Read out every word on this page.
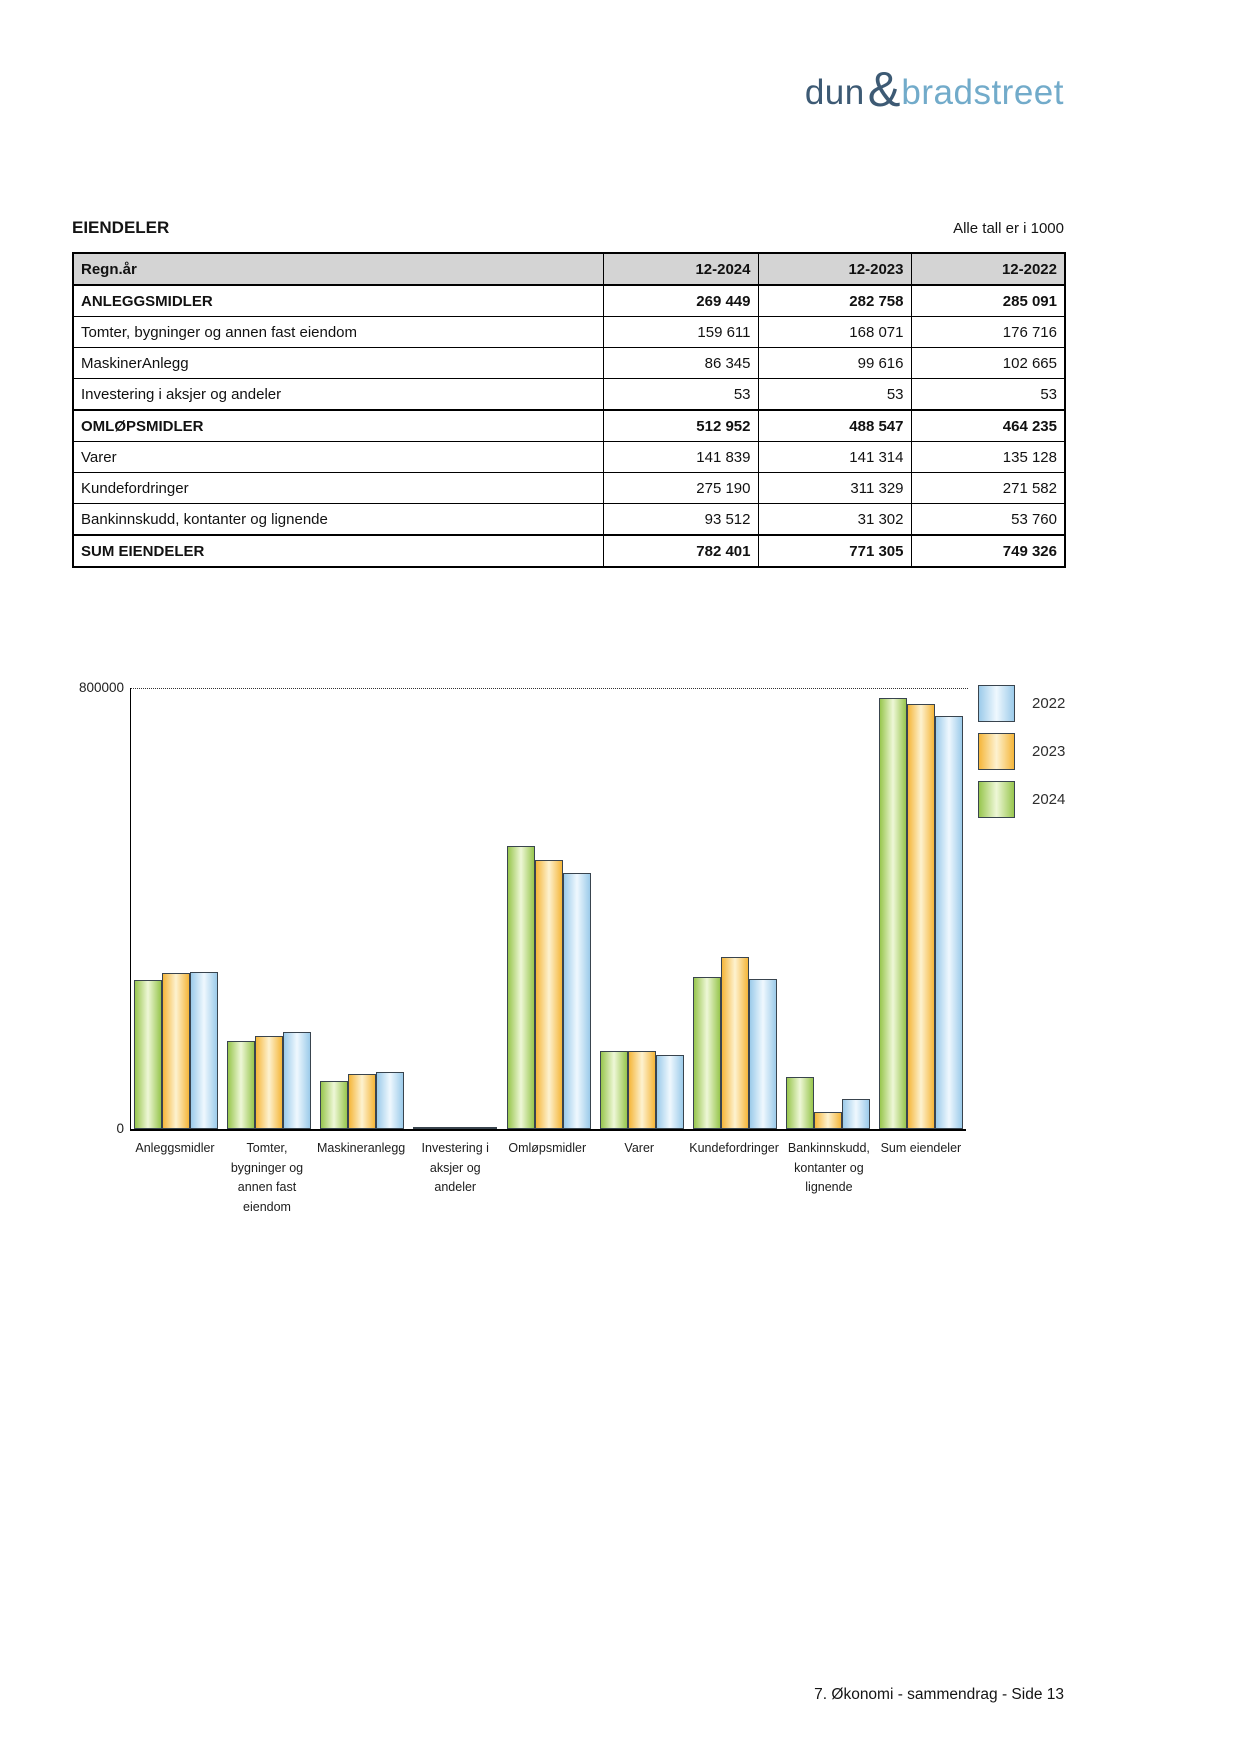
dun & bradstreet
EIENDELER	Alle tall er i 1000
Regn.år	12-2024	12-2023	12-2022
ANLEGGSMIDLER	269 449	282 758	285 091
Tomter, bygninger og annen fast eiendom	159 611	168 071	176 716
MaskinerAnlegg	86 345	99 616	102 665
Investering i aksjer og andeler	53	53	53
OMLØPSMIDLER	512 952	488 547	464 235
Varer	141 839	141 314	135 128
Kundefordringer	275 190	311 329	271 582
Bankinnskudd, kontanter og lignende	93 512	31 302	53 760
SUM EIENDELER	782 401	771 305	749 326
800000
0
Anleggsmidler	Tomter,
bygninger og
annen fast
eiendom
Maskineranlegg Investering i
aksjer og
andeler
Omløpsmidler	Varer	Kundefordringer Bankinnskudd,
kontanter og
lignende
Sum eiendeler
2022
2023
2024
7. Økonomi - sammendrag - Side 13
